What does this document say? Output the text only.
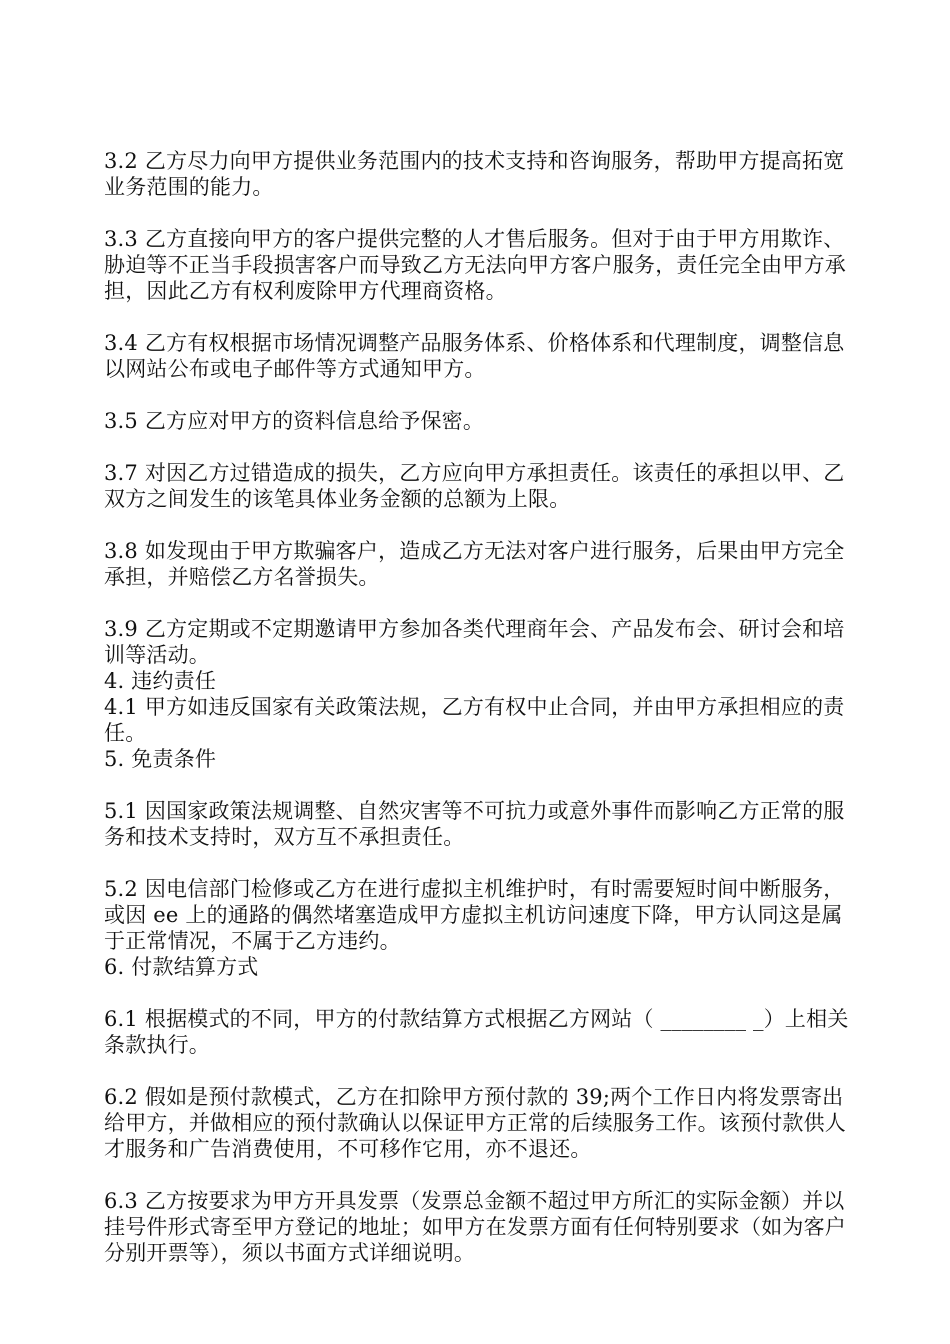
3.2 乙方尽力向甲方提供业务范围内的技术支持和咨询服务，帮助甲方提高拓宽业务范围的能力。

3.3 乙方直接向甲方的客户提供完整的人才售后服务。但对于由于甲方用欺诈、胁迫等不正当手段损害客户而导致乙方无法向甲方客户服务，责任完全由甲方承担，因此乙方有权利废除甲方代理商资格。

3.4 乙方有权根据市场情况调整产品服务体系、价格体系和代理制度，调整信息以网站公布或电子邮件等方式通知甲方。

3.5 乙方应对甲方的资料信息给予保密。

3.7 对因乙方过错造成的损失，乙方应向甲方承担责任。该责任的承担以甲、乙双方之间发生的该笔具体业务金额的总额为上限。

3.8 如发现由于甲方欺骗客户，造成乙方无法对客户进行服务，后果由甲方完全承担，并赔偿乙方名誉损失。

3.9 乙方定期或不定期邀请甲方参加各类代理商年会、产品发布会、研讨会和培训等活动。

4. 违约责任

4.1 甲方如违反国家有关政策法规，乙方有权中止合同，并由甲方承担相应的责任。

5. 免责条件

5.1 因国家政策法规调整、自然灾害等不可抗力或意外事件而影响乙方正常的服务和技术支持时，双方互不承担责任。

5.2 因电信部门检修或乙方在进行虚拟主机维护时，有时需要短时间中断服务，或因 ee 上的通路的偶然堵塞造成甲方虚拟主机访问速度下降，甲方认同这是属于正常情况，不属于乙方违约。

6. 付款结算方式

6.1 根据模式的不同，甲方的付款结算方式根据乙方网站（ ________ _）上相关条款执行。

6.2 假如是预付款模式，乙方在扣除甲方预付款的 39;两个工作日内将发票寄出给甲方，并做相应的预付款确认以保证甲方正常的后续服务工作。该预付款供人才服务和广告消费使用，不可移作它用，亦不退还。

6.3 乙方按要求为甲方开具发票（发票总金额不超过甲方所汇的实际金额）并以挂号件形式寄至甲方登记的地址；如甲方在发票方面有任何特别要求（如为客户分别开票等），须以书面方式详细说明。
